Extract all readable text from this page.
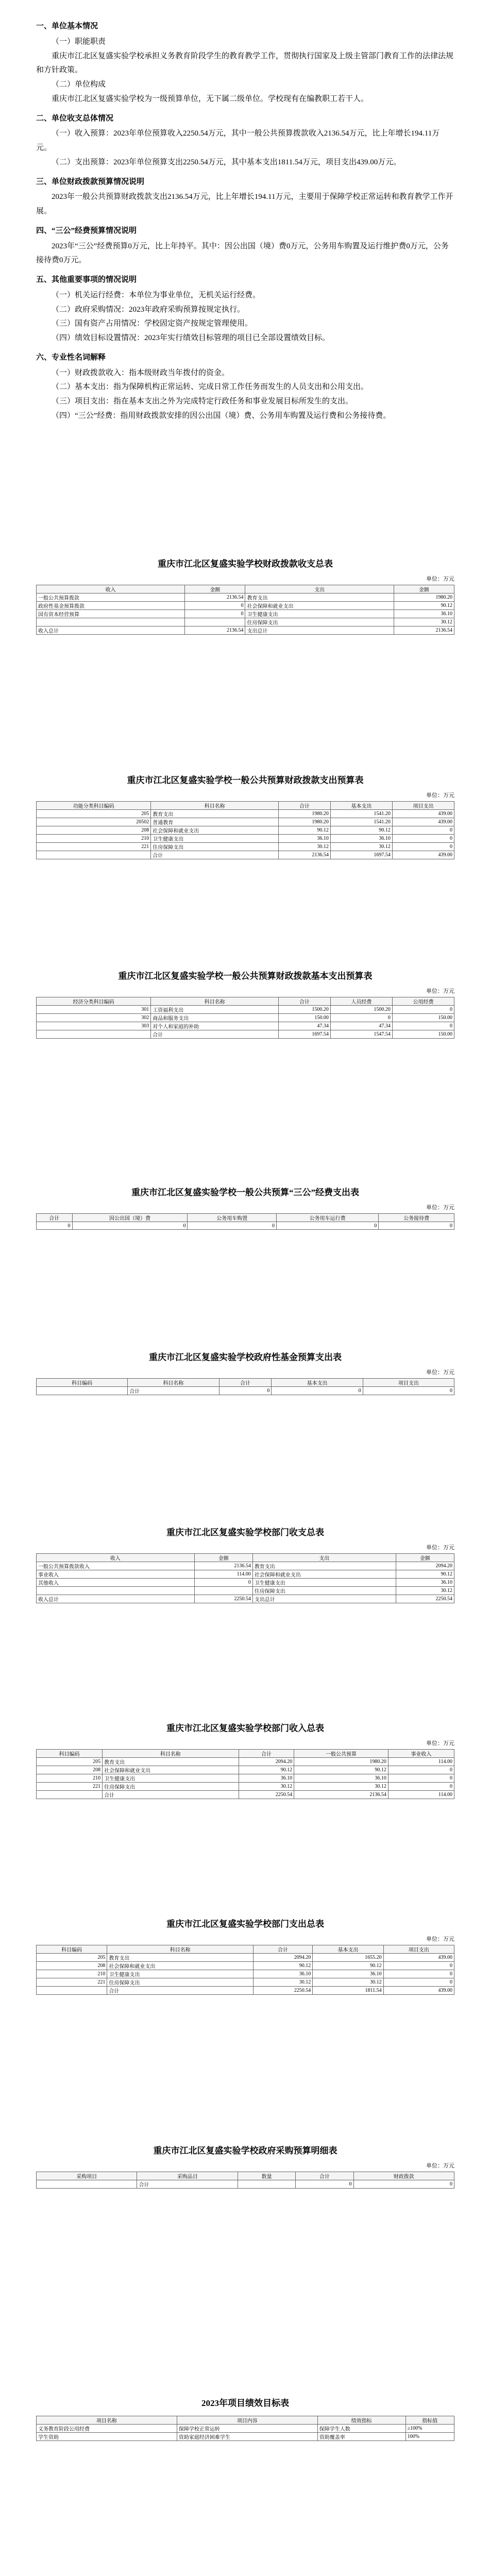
一、单位基本情况

（一）职能职责

重庆市江北区复盛实验学校承担义务教育阶段学生的教育教学工作，贯彻执行国家及上级主管部门教育工作的法律法规和方针政策。

（二）单位构成

重庆市江北区复盛实验学校为一级预算单位，无下属二级单位。学校现有在编教职工若干人。

二、单位收支总体情况

（一）收入预算：2023年单位预算收入2250.54万元，其中一般公共预算拨款收入2136.54万元，比上年增长194.11万元。

（二）支出预算：2023年单位预算支出2250.54万元，其中基本支出1811.54万元，项目支出439.00万元。

三、单位财政拨款预算情况说明

2023年一般公共预算财政拨款支出2136.54万元，比上年增长194.11万元，主要用于保障学校正常运转和教育教学工作开展。

四、“三公”经费预算情况说明

2023年“三公”经费预算0万元，比上年持平。其中：因公出国（境）费0万元，公务用车购置及运行维护费0万元，公务接待费0万元。

五、其他重要事项的情况说明

（一）机关运行经费：本单位为事业单位，无机关运行经费。

（二）政府采购情况：2023年政府采购预算按规定执行。

（三）国有资产占用情况：学校固定资产按规定管理使用。

（四）绩效目标设置情况：2023年实行绩效目标管理的项目已全部设置绩效目标。

六、专业性名词解释

（一）财政拨款收入：指本级财政当年拨付的资金。

（二）基本支出：指为保障机构正常运转、完成日常工作任务而发生的人员支出和公用支出。

（三）项目支出：指在基本支出之外为完成特定行政任务和事业发展目标所发生的支出。

（四）“三公”经费：指用财政拨款安排的因公出国（境）费、公务用车购置及运行费和公务接待费。

重庆市江北区复盛实验学校财政拨款收支总表
单位：万元
收入	金额	支出	金额
一般公共预算拨款	2136.54	教育支出	1980.20
政府性基金预算拨款	0	社会保障和就业支出	90.12
国有资本经营预算	0	卫生健康支出	36.10
		住房保障支出	30.12
收入总计	2136.54	支出总计	2136.54
重庆市江北区复盛实验学校一般公共预算财政拨款支出预算表
单位：万元
功能分类科目编码	科目名称	合计	基本支出	项目支出
205	教育支出	1980.20	1541.20	439.00
20502	普通教育	1980.20	1541.20	439.00
208	社会保障和就业支出	90.12	90.12	0
210	卫生健康支出	36.10	36.10	0
221	住房保障支出	30.12	30.12	0
	合计	2136.54	1697.54	439.00
重庆市江北区复盛实验学校一般公共预算财政拨款基本支出预算表
单位：万元
经济分类科目编码	科目名称	合计	人员经费	公用经费
301	工资福利支出	1500.20	1500.20	0
302	商品和服务支出	150.00	0	150.00
303	对个人和家庭的补助	47.34	47.34	0
	合计	1697.54	1547.54	150.00
重庆市江北区复盛实验学校一般公共预算“三公”经费支出表
单位：万元
合计	因公出国（境）费	公务用车购置	公务用车运行费	公务接待费
0	0	0	0	0
重庆市江北区复盛实验学校政府性基金预算支出表
单位：万元
科目编码	科目名称	合计	基本支出	项目支出
	合计	0	0	0
重庆市江北区复盛实验学校部门收支总表
单位：万元
收入	金额	支出	金额
一般公共预算拨款收入	2136.54	教育支出	2094.20
事业收入	114.00	社会保障和就业支出	90.12
其他收入	0	卫生健康支出	36.10
		住房保障支出	30.12
收入总计	2250.54	支出总计	2250.54
重庆市江北区复盛实验学校部门收入总表
单位：万元
科目编码	科目名称	合计	一般公共预算	事业收入
205	教育支出	2094.20	1980.20	114.00
208	社会保障和就业支出	90.12	90.12	0
210	卫生健康支出	36.10	36.10	0
221	住房保障支出	30.12	30.12	0
	合计	2250.54	2136.54	114.00
重庆市江北区复盛实验学校部门支出总表
单位：万元
科目编码	科目名称	合计	基本支出	项目支出
205	教育支出	2094.20	1655.20	439.00
208	社会保障和就业支出	90.12	90.12	0
210	卫生健康支出	36.10	36.10	0
221	住房保障支出	30.12	30.12	0
	合计	2250.54	1811.54	439.00
重庆市江北区复盛实验学校政府采购预算明细表
单位：万元
采购项目	采购品目	数量	合计	财政拨款
	合计		0	0
2023年项目绩效目标表
项目名称	项目内容	绩效指标	指标值
义务教育阶段公用经费	保障学校正常运转	保障学生人数	≥100%
学生资助	资助家庭经济困难学生	资助覆盖率	100%
